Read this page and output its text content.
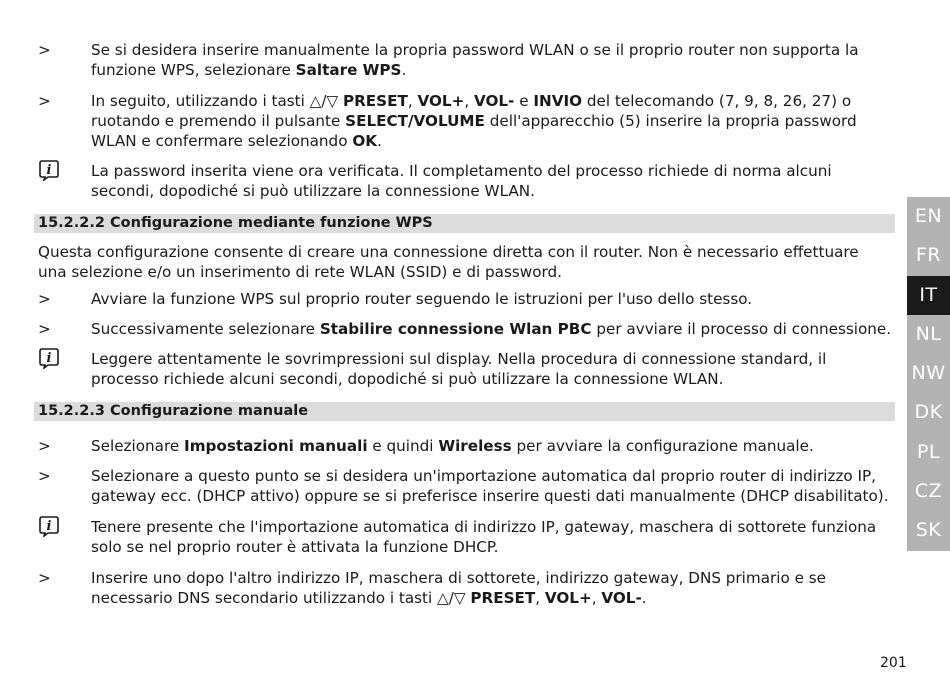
>	Se si desidera inserire manualmente la propria password WLAN o se il proprio router non supporta la funzione WPS, selezionare Saltare WPS.
>	In seguito, utilizzando i tasti △/▽ PRESET, VOL+, VOL- e INVIO del telecomando (7, 9, 8, 26, 27) o ruotando e premendo il pulsante SELECT/VOLUME dell'apparecchio (5) inserire la propria password WLAN e confermare selezionando OK.
i	La password inserita viene ora verificata. Il completamento del processo richiede di norma alcuni secondi, dopodiché si può utilizzare la connessione WLAN.
15.2.2.2 Configurazione mediante funzione WPS
Questa configurazione consente di creare una connessione diretta con il router. Non è necessario effettuare una selezione e/o un inserimento di rete WLAN (SSID) e di password.
>	Avviare la funzione WPS sul proprio router seguendo le istruzioni per l'uso dello stesso.
>	Successivamente selezionare Stabilire connessione Wlan PBC per avviare il processo di connessione.
i	Leggere attentamente le sovrimpressioni sul display. Nella procedura di connessione standard, il processo richiede alcuni secondi, dopodiché si può utilizzare la connessione WLAN.
15.2.2.3 Configurazione manuale
>	Selezionare Impostazioni manuali e quindi Wireless per avviare la configurazione manuale.
>	Selezionare a questo punto se si desidera un'importazione automatica dal proprio router di indirizzo IP, gateway ecc. (DHCP attivo) oppure se si preferisce inserire questi dati manualmente (DHCP disabilitato).
i	Tenere presente che l'importazione automatica di indirizzo IP, gateway, maschera di sottorete funziona  solo se nel proprio router è attivata la funzione DHCP.
>	Inserire uno dopo l'altro indirizzo IP, maschera di sottorete, indirizzo gateway, DNS primario e se necessario DNS secondario utilizzando i tasti △/▽ PRESET, VOL+, VOL-.
EN
FR
IT
NL
NW
DK
PL
CZ
SK
201
